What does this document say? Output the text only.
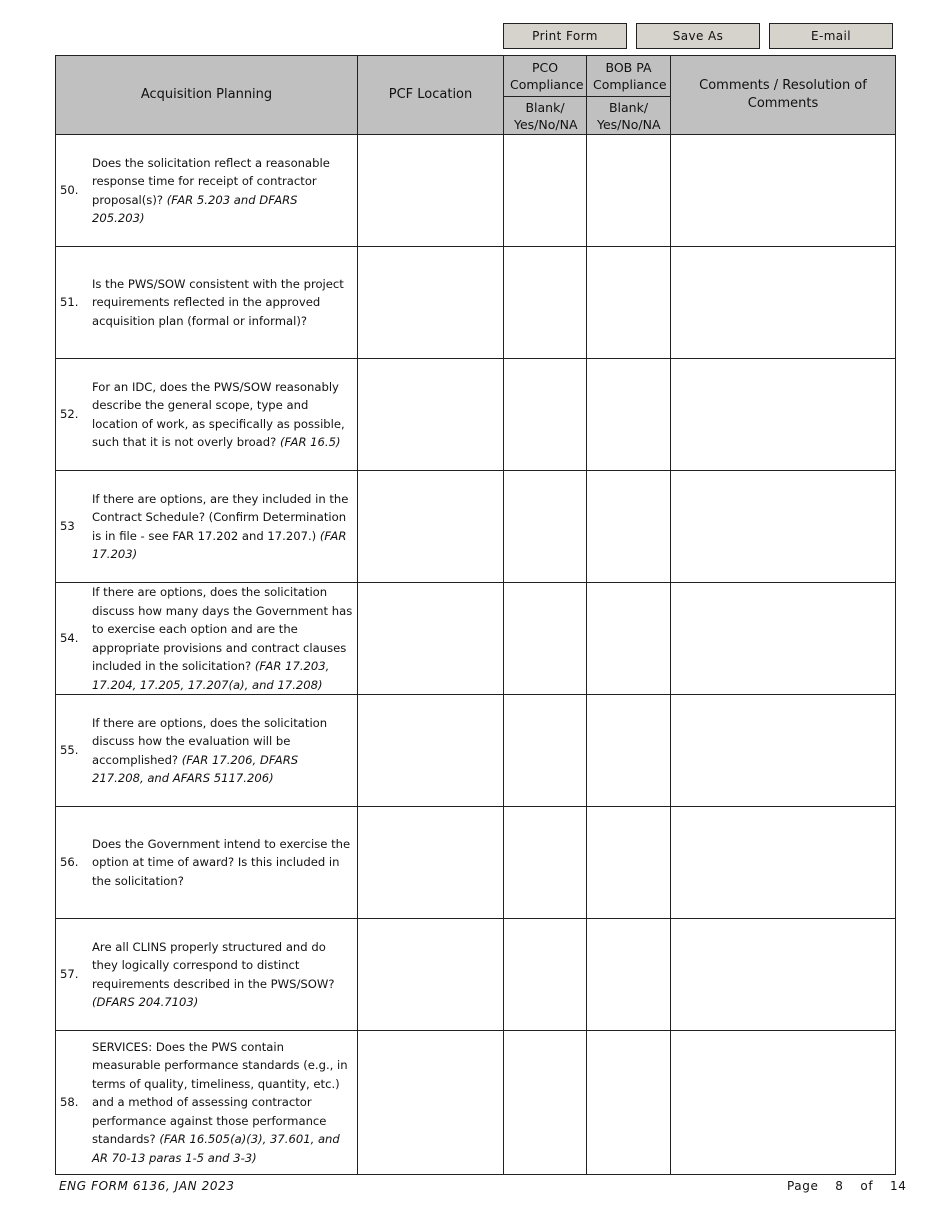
Print Form	Save As	E-mail
Acquisition Planning	PCF Location	PCO Compliance	BOB PA Compliance	Comments / Resolution of Comments
		Blank/ Yes/No/NA	Blank/ Yes/No/NA	

50.
Does the solicitation reflect a reasonable response time for receipt of contractor proposal(s)? (FAR 5.203 and DFARS 205.203)				

51.
Is the PWS/SOW consistent with the project requirements reflected in the approved acquisition plan (formal or informal)?				

52.
For an IDC, does the PWS/SOW reasonably describe the general scope, type and location of work, as specifically as possible, such that it is not overly broad? (FAR 16.5)				

53
If there are options, are they included in the Contract Schedule? (Confirm Determination is in file - see FAR 17.202 and 17.207.) (FAR 17.203)				

54.
If there are options, does the solicitation discuss how many days the Government has to exercise each option and are the appropriate provisions and contract clauses included in the solicitation? (FAR 17.203, 17.204, 17.205, 17.207(a), and 17.208)				

55.
If there are options, does the solicitation discuss how the evaluation will be accomplished? (FAR 17.206, DFARS 217.208, and AFARS 5117.206)				

56.
Does the Government intend to exercise the option at time of award? Is this included in the solicitation?				

57.
Are all CLINS properly structured and do they logically correspond to distinct requirements described in the PWS/SOW? (DFARS 204.7103)				

58.
SERVICES: Does the PWS contain measurable performance standards (e.g., in terms of quality, timeliness, quantity, etc.) and a method of assessing contractor performance against those performance standards? (FAR 16.505(a)(3), 37.601, and AR 70-13 paras 1-5 and 3-3)				

ENG FORM 6136, JAN 2023	Page 8 of 14
